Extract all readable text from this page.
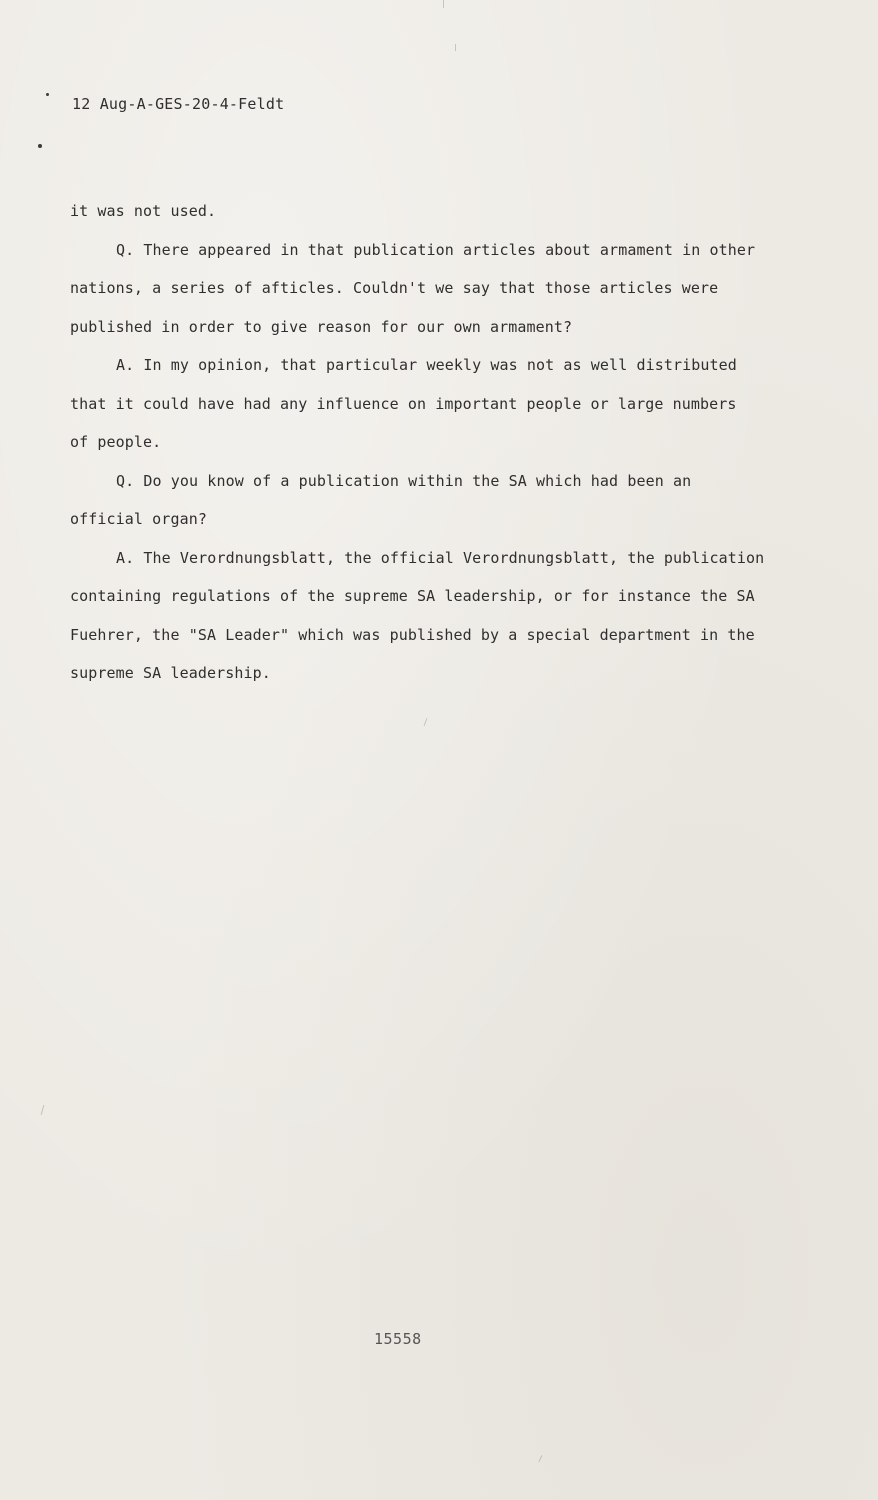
12 Aug-A-GES-20-4-Feldt

it was not used.

Q. There appeared in that publication articles about armament in other

nations, a series of afticles. Couldn't we say that those articles were

published in order to give reason for our own armament?

A. In my opinion, that particular weekly was not as well distributed

that it could have had any influence on important people or large numbers

of people.

Q. Do you know of a publication within the SA which had been an

official organ?

A. The Verordnungsblatt, the official Verordnungsblatt, the publication

containing regulations of the supreme SA leadership, or for instance the SA

Fuehrer, the "SA Leader" which was published by a special department in the

supreme SA leadership.

15558
